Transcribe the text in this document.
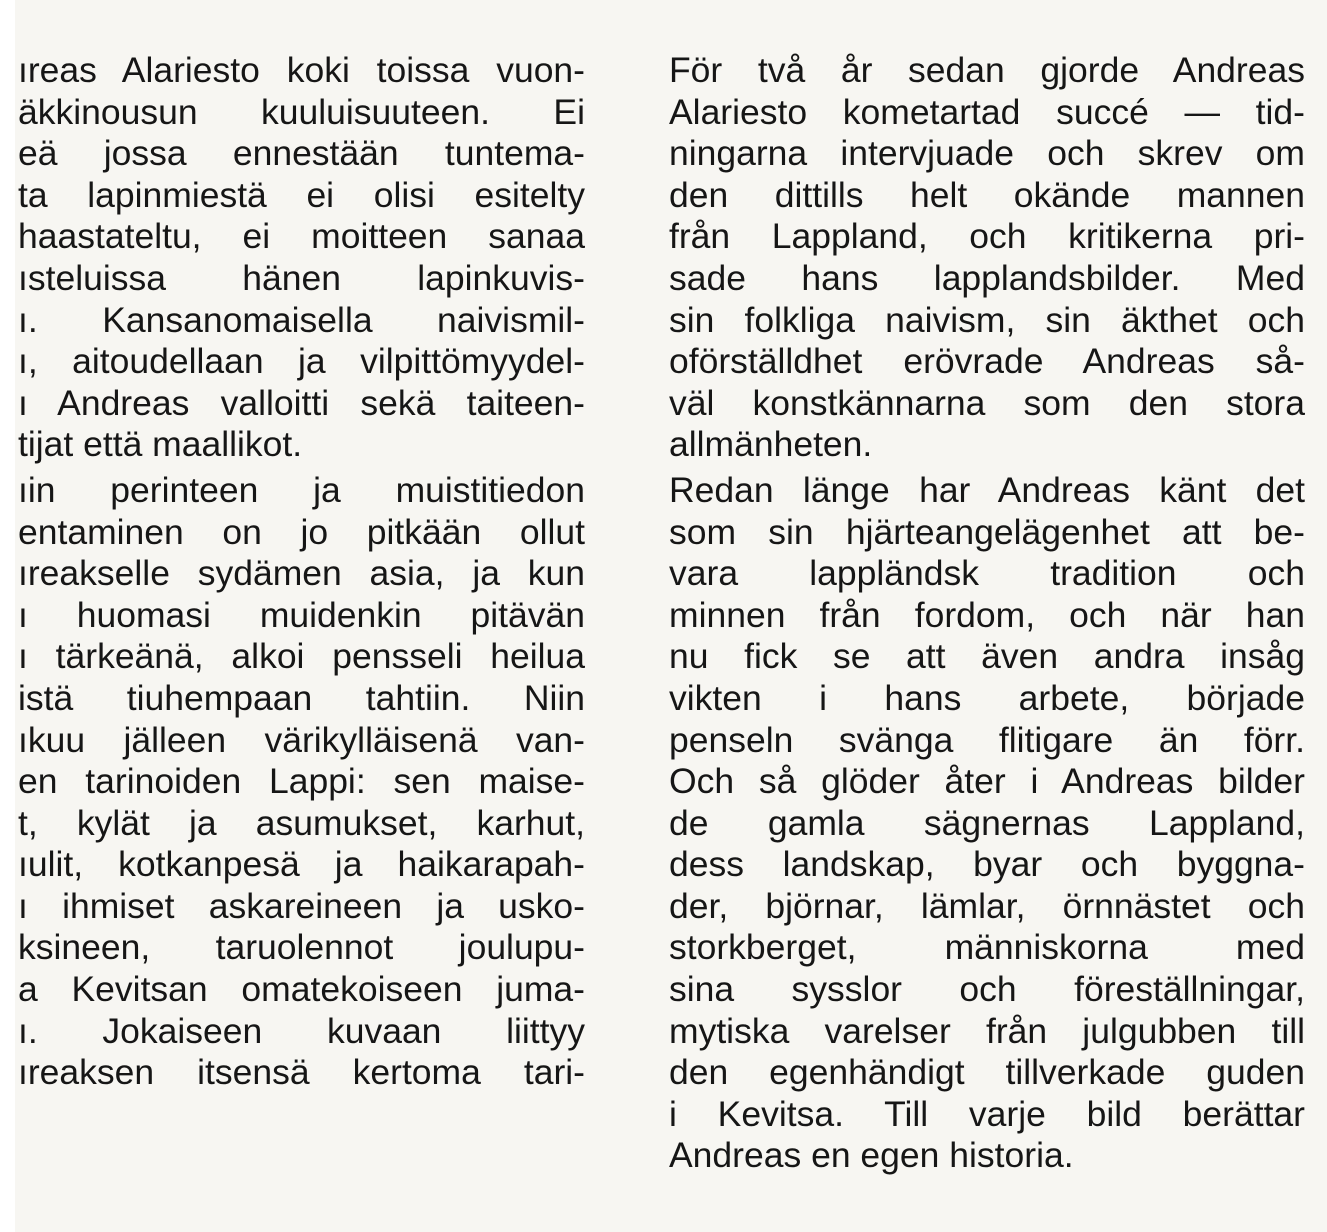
ıreas Alariesto koki toissa vuon-
äkkinousun kuuluisuuteen. Ei
eä jossa ennestään tuntema-
ta lapinmiestä ei olisi esitelty
haastateltu, ei moitteen sanaa
ısteluissa hänen lapinkuvis-
ı. Kansanomaisella naivismil-
ı, aitoudellaan ja vilpittömyydel-
ı Andreas valloitti sekä taiteen-
tijat että maallikot.
ıin perinteen ja muistitiedon
entaminen on jo pitkään ollut
ıreakselle sydämen asia, ja kun
ı huomasi muidenkin pitävän
ı tärkeänä, alkoi pensseli heilua
istä tiuhempaan tahtiin. Niin
ıkuu jälleen värikylläisenä van-
en tarinoiden Lappi: sen maise-
t, kylät ja asumukset, karhut,
ıulit, kotkanpesä ja haikarapah-
ı ihmiset askareineen ja usko-
ksineen, taruolennot joulupu-
a Kevitsan omatekoiseen juma-
ı. Jokaiseen kuvaan liittyy
ıreaksen itsensä kertoma tari-
För två år sedan gjorde Andreas
Alariesto kometartad succé — tid-
ningarna intervjuade och skrev om
den dittills helt okände mannen
från Lappland, och kritikerna pri-
sade hans lapplandsbilder. Med
sin folkliga naivism, sin äkthet och
oförställdhet erövrade Andreas så-
väl konstkännarna som den stora
allmänheten.
Redan länge har Andreas känt det
som sin hjärteangelägenhet att be-
vara lappländsk tradition och
minnen från fordom, och när han
nu fick se att även andra insåg
vikten i hans arbete, började
penseln svänga flitigare än förr.
Och så glöder åter i Andreas bilder
de gamla sägnernas Lappland,
dess landskap, byar och byggna-
der, björnar, lämlar, örnnästet och
storkberget, människorna med
sina sysslor och föreställningar,
mytiska varelser från julgubben till
den egenhändigt tillverkade guden
i Kevitsa. Till varje bild berättar
Andreas en egen historia.
